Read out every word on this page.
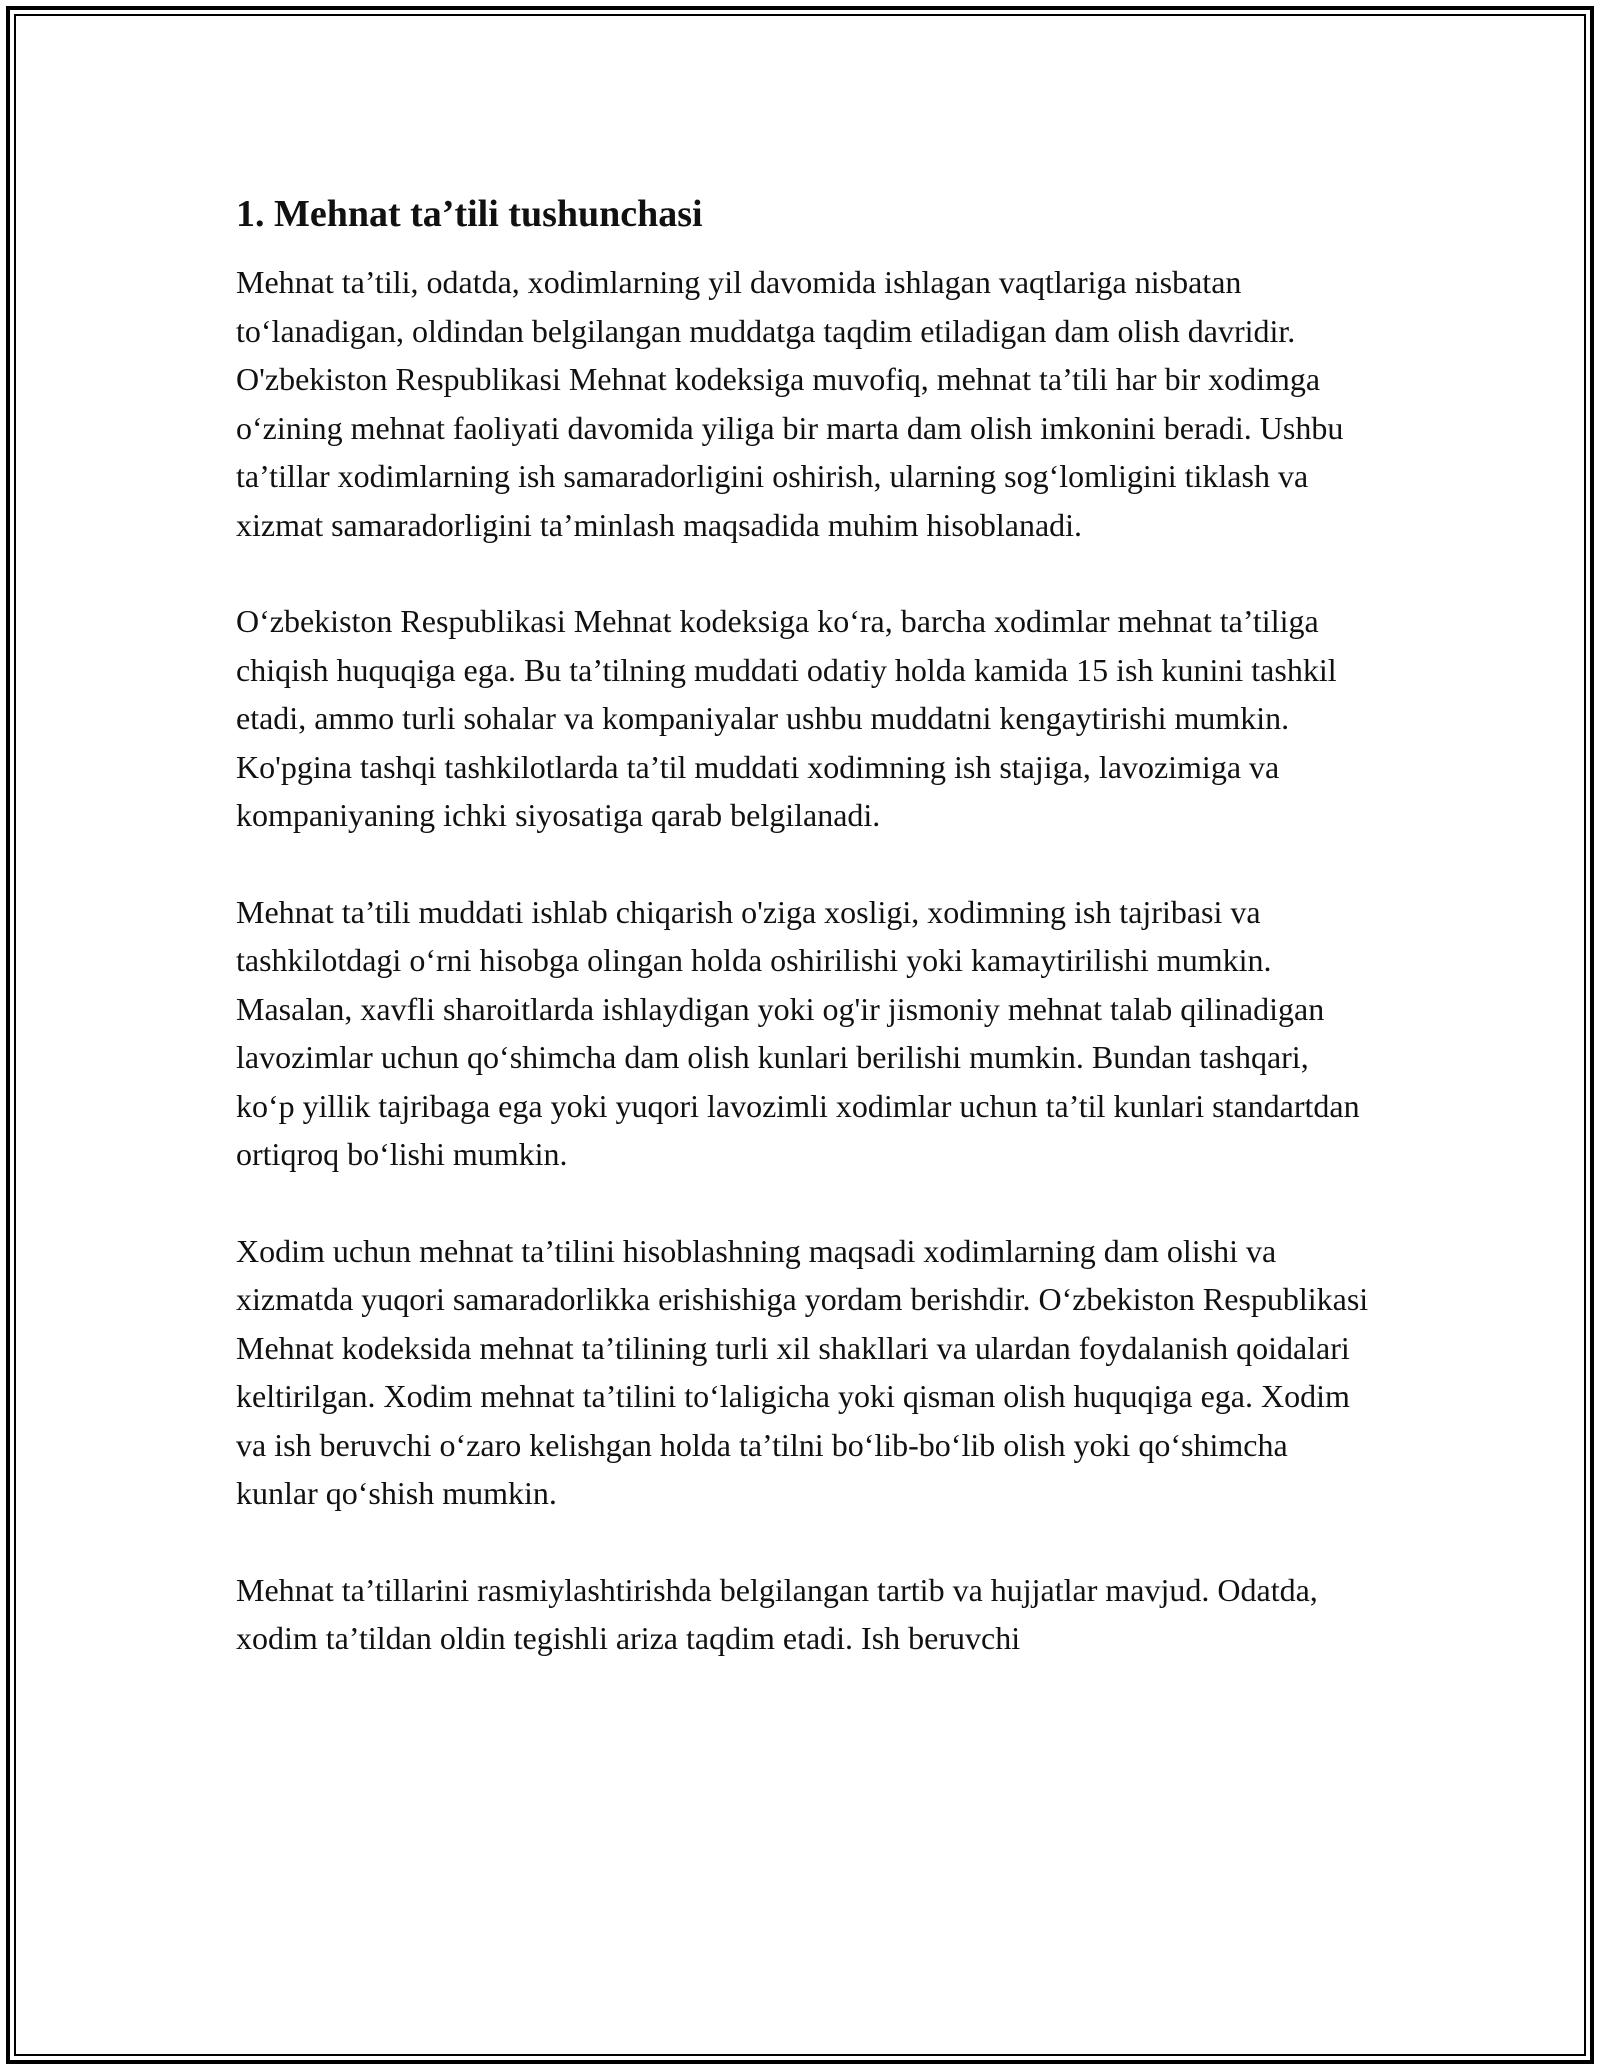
1. Mehnat ta’tili tushunchasi

Mehnat ta’tili, odatda, xodimlarning yil davomida ishlagan vaqtlariga nisbatan to‘lanadigan, oldindan belgilangan muddatga taqdim etiladigan dam olish davridir. O'zbekiston Respublikasi Mehnat kodeksiga muvofiq, mehnat ta’tili har bir xodimga o‘zining mehnat faoliyati davomida yiliga bir marta dam olish imkonini beradi. Ushbu ta’tillar xodimlarning ish samaradorligini oshirish, ularning sog‘lomligini tiklash va xizmat samaradorligini ta’minlash maqsadida muhim hisoblanadi.

O‘zbekiston Respublikasi Mehnat kodeksiga ko‘ra, barcha xodimlar mehnat ta’tiliga chiqish huquqiga ega. Bu ta’tilning muddati odatiy holda kamida 15 ish kunini tashkil etadi, ammo turli sohalar va kompaniyalar ushbu muddatni kengaytirishi mumkin. Ko'pgina tashqi tashkilotlarda ta’til muddati xodimning ish stajiga, lavozimiga va kompaniyaning ichki siyosatiga qarab belgilanadi.

Mehnat ta’tili muddati ishlab chiqarish o'ziga xosligi, xodimning ish tajribasi va tashkilotdagi o‘rni hisobga olingan holda oshirilishi yoki kamaytirilishi mumkin. Masalan, xavfli sharoitlarda ishlaydigan yoki og'ir jismoniy mehnat talab qilinadigan lavozimlar uchun qo‘shimcha dam olish kunlari berilishi mumkin. Bundan tashqari, ko‘p yillik tajribaga ega yoki yuqori lavozimli xodimlar uchun ta’til kunlari standartdan ortiqroq bo‘lishi mumkin.

Xodim uchun mehnat ta’tilini hisoblashning maqsadi xodimlarning dam olishi va xizmatda yuqori samaradorlikka erishishiga yordam berishdir. O‘zbekiston Respublikasi Mehnat kodeksida mehnat ta’tilining turli xil shakllari va ulardan foydalanish qoidalari keltirilgan. Xodim mehnat ta’tilini to‘laligicha yoki qisman olish huquqiga ega. Xodim va ish beruvchi o‘zaro kelishgan holda ta’tilni bo‘lib-bo‘lib olish yoki qo‘shimcha kunlar qo‘shish mumkin.

Mehnat ta’tillarini rasmiylashtirishda belgilangan tartib va hujjatlar mavjud. Odatda, xodim ta’tildan oldin tegishli ariza taqdim etadi. Ish beruvchi
